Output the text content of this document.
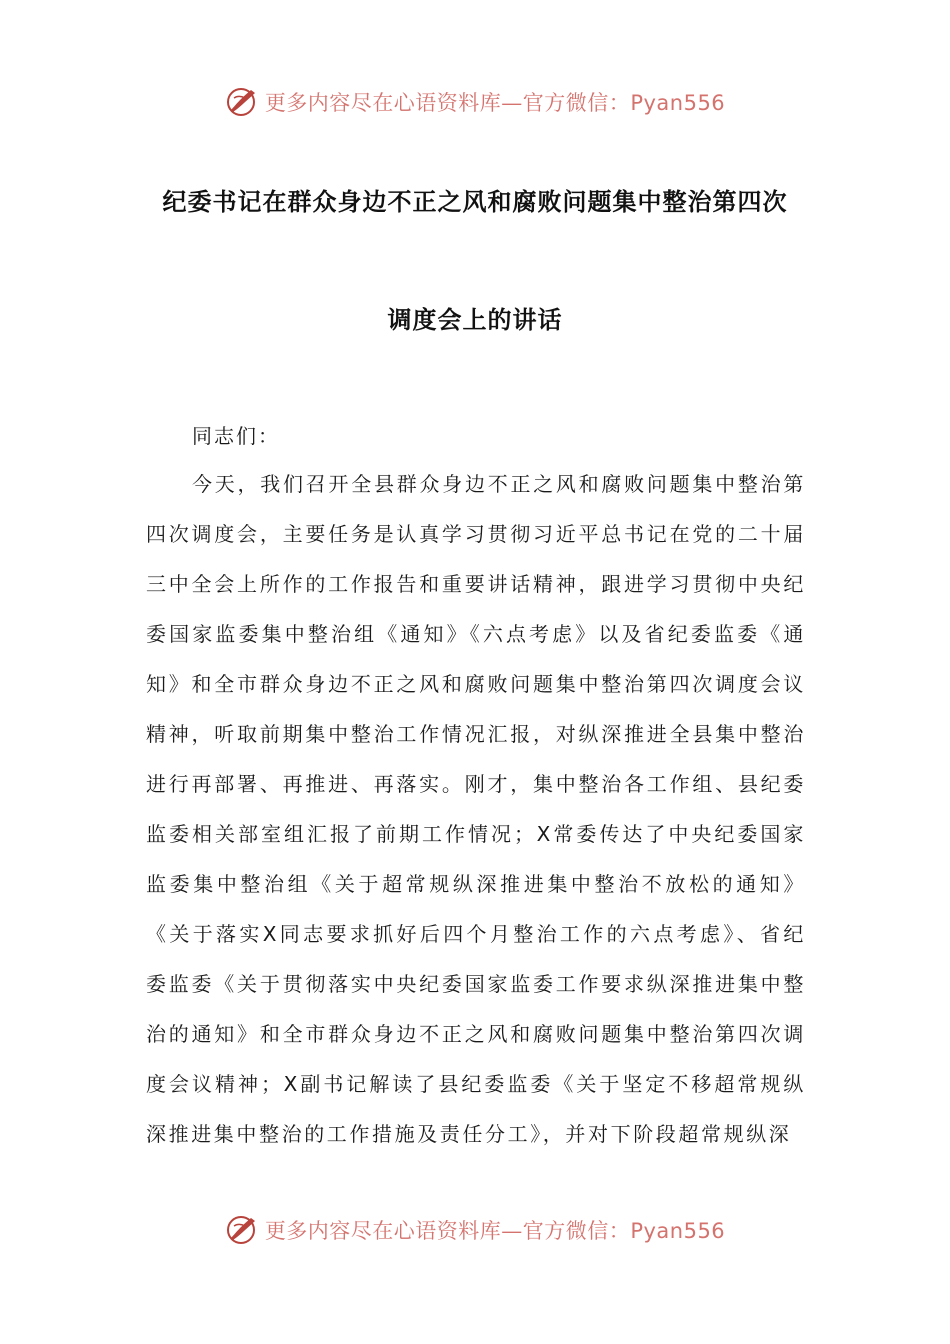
更多内容尽在心语资料库—官方微信：Pyan556
纪委书记在群众身边不正之风和腐败问题集中整治第四次
调度会上的讲话
同志们：

今天，我们召开全县群众身边不正之风和腐败问题集中整治第四次调度会，主要任务是认真学习贯彻习近平总书记在党的二十届三中全会上所作的工作报告和重要讲话精神，跟进学习贯彻中央纪委国家监委集中整治组《通知》《六点考虑》以及省纪委监委《通知》和全市群众身边不正之风和腐败问题集中整治第四次调度会议精神，听取前期集中整治工作情况汇报，对纵深推进全县集中整治进行再部署、再推进、再落实。刚才，集中整治各工作组、县纪委监委相关部室组汇报了前期工作情况；X常委传达了中央纪委国家监委集中整治组《关于超常规纵深推进集中整治不放松的通知》《关于落实X同志要求抓好后四个月整治工作的六点考虑》、省纪委监委《关于贯彻落实中央纪委国家监委工作要求纵深推进集中整治的通知》和全市群众身边不正之风和腐败问题集中整治第四次调度会议精神；X副书记解读了县纪委监委《关于坚定不移超常规纵深推进集中整治的工作措施及责任分工》，并对下阶段超常规纵深

更多内容尽在心语资料库—官方微信：Pyan556
